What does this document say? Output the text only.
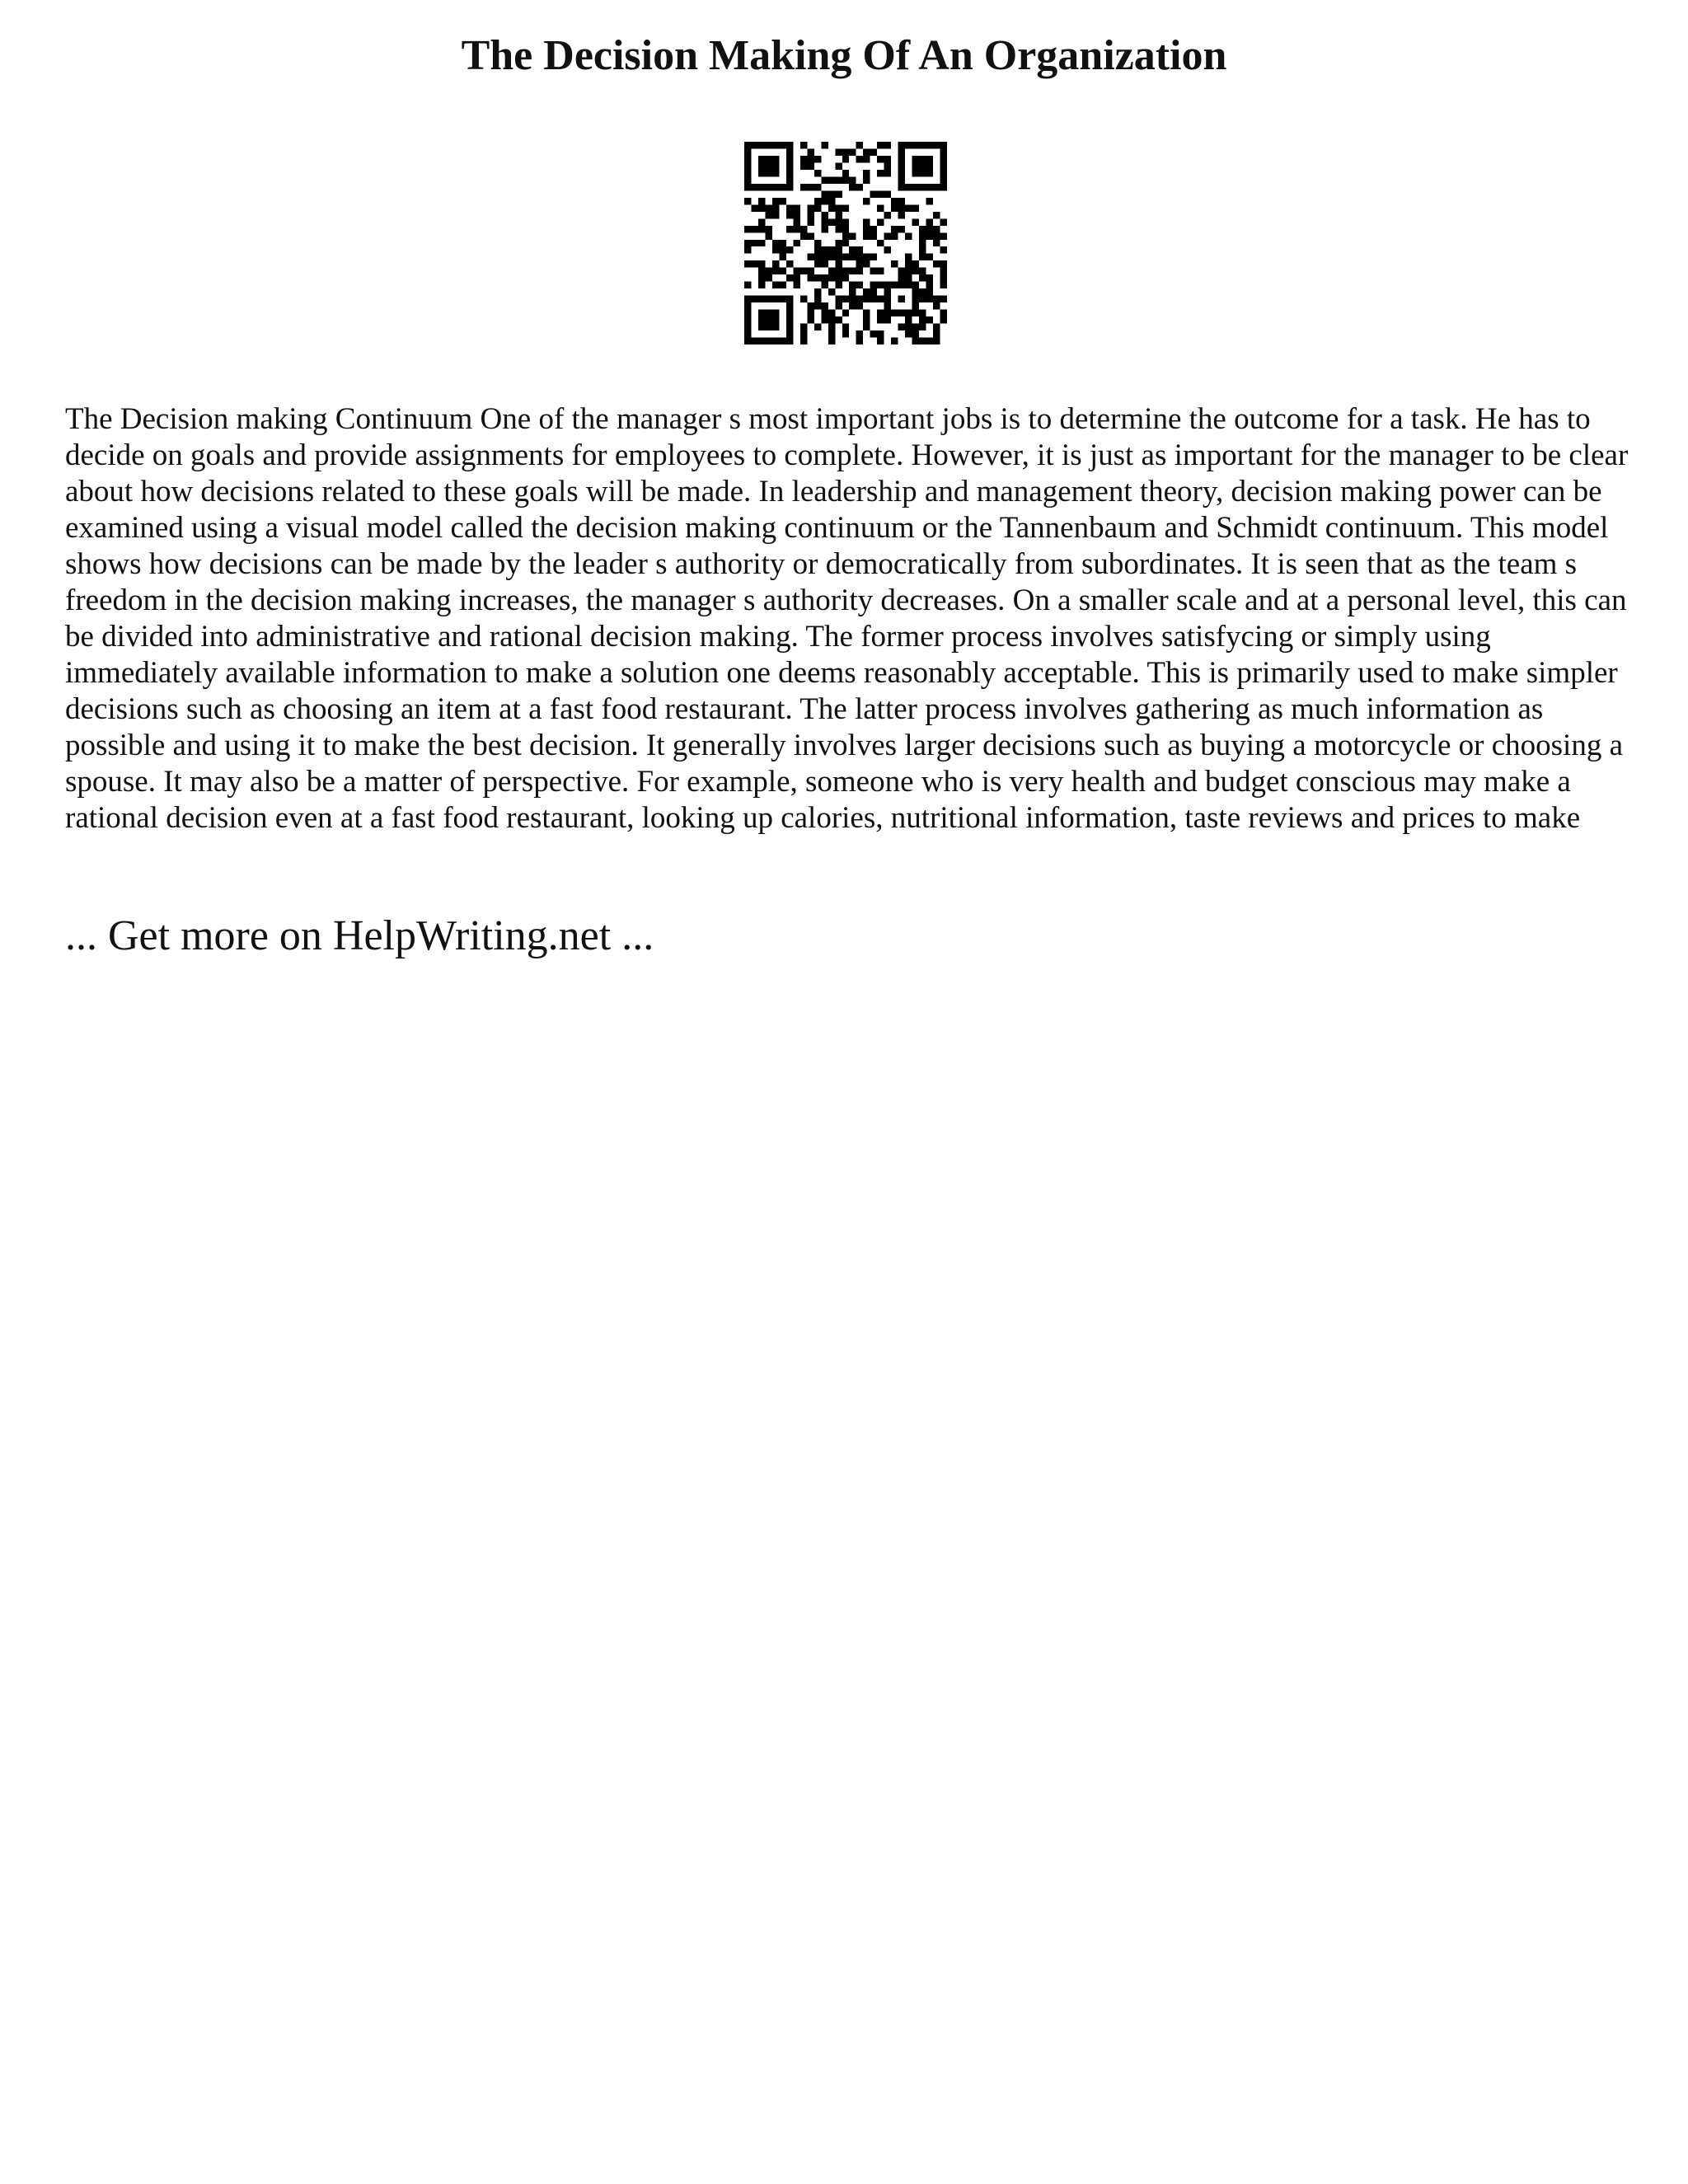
The Decision Making Of An Organization

The Decision making Continuum One of the manager s most important jobs is to determine the outcome for a task. He has to decide on goals and provide assignments for employees to complete. However, it is just as important for the manager to be clear about how decisions related to these goals will be made. In leadership and management theory, decision making power can be examined using a visual model called the decision making continuum or the Tannenbaum and Schmidt continuum. This model shows how decisions can be made by the leader s authority or democratically from subordinates. It is seen that as the team s freedom in the decision making increases, the manager s authority decreases. On a smaller scale and at a personal level, this can be divided into administrative and rational decision making. The former process involves satisfycing or simply using immediately available information to make a solution one deems reasonably acceptable. This is primarily used to make simpler decisions such as choosing an item at a fast food restaurant. The latter process involves gathering as much information as possible and using it to make the best decision. It generally involves larger decisions such as buying a motorcycle or choosing a spouse. It may also be a matter of perspective. For example, someone who is very health and budget conscious may make a rational decision even at a fast food restaurant, looking up calories, nutritional information, taste reviews and prices to make

... Get more on HelpWriting.net ...
